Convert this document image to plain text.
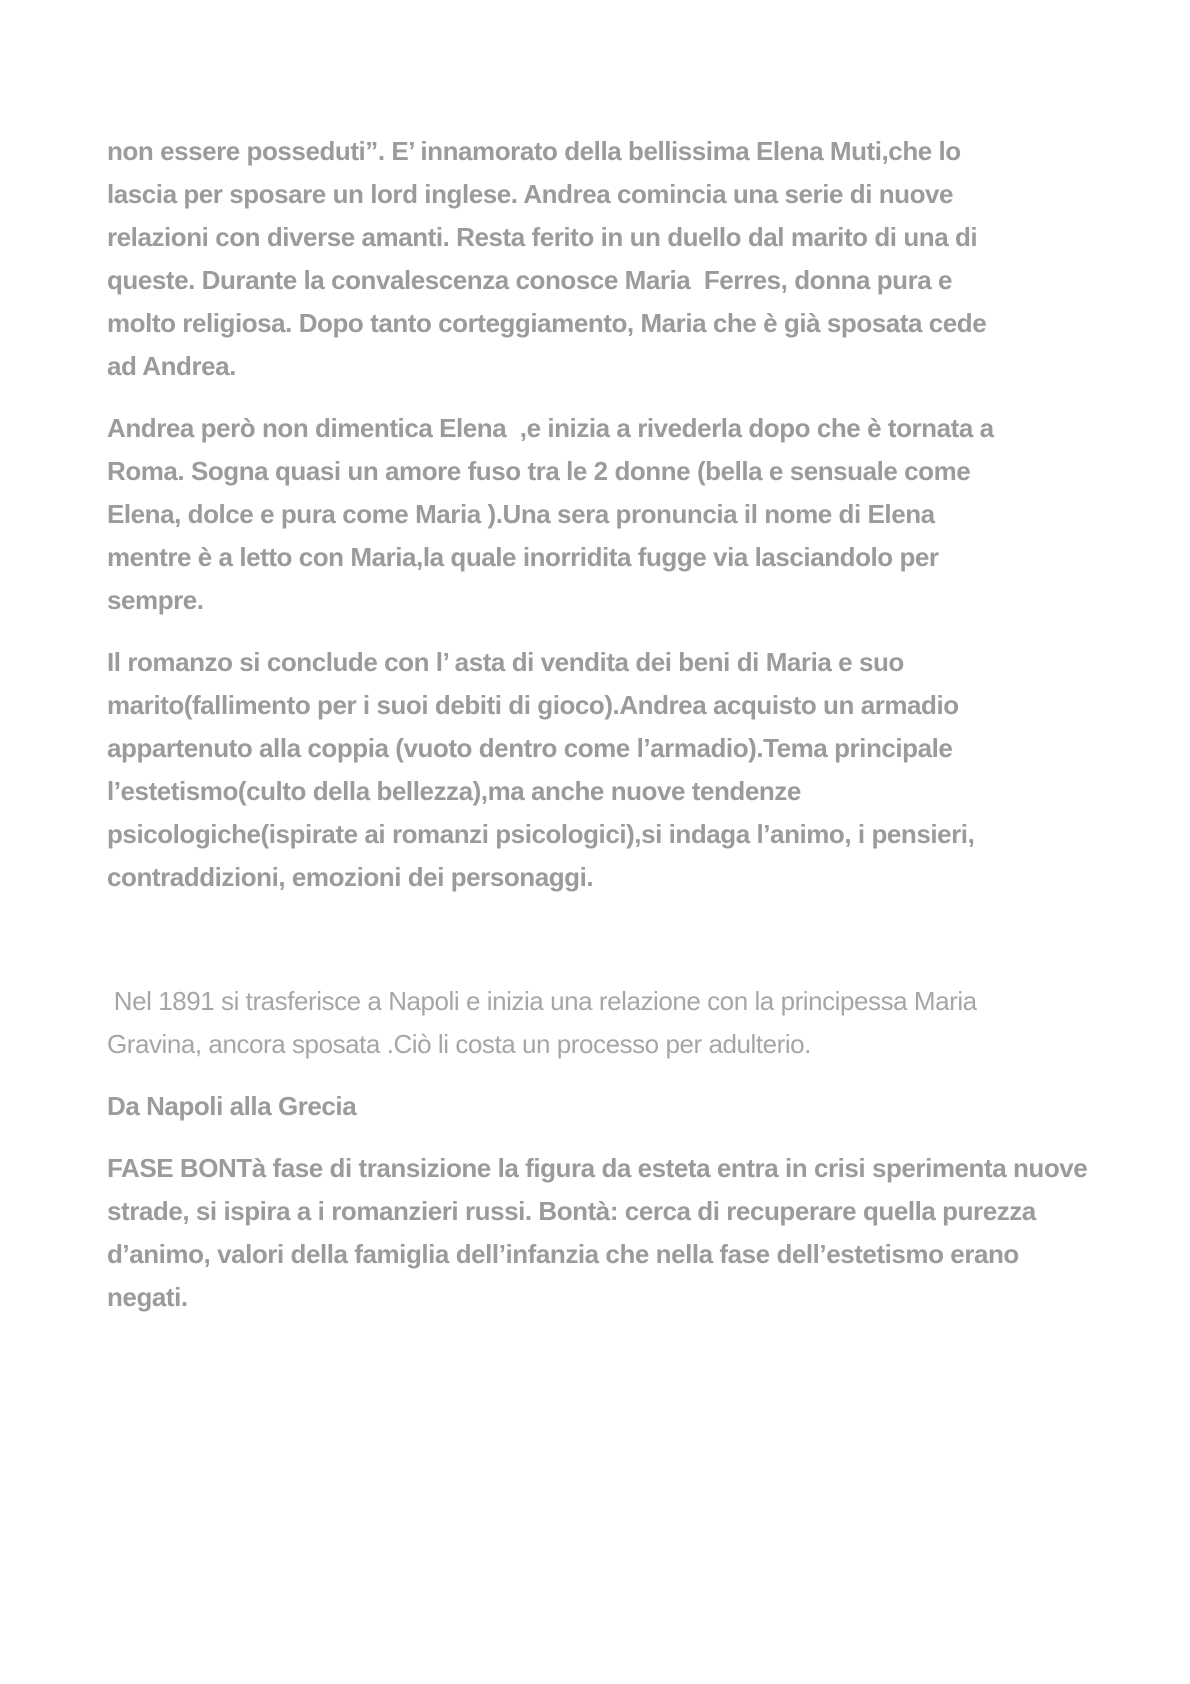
non essere posseduti”. E’ innamorato della bellissima Elena Muti,che lo
lascia per sposare un lord inglese. Andrea comincia una serie di nuove
relazioni con diverse amanti. Resta ferito in un duello dal marito di una di
queste. Durante la convalescenza conosce Maria  Ferres, donna pura e
molto religiosa. Dopo tanto corteggiamento, Maria che è già sposata cede
ad Andrea.
Andrea però non dimentica Elena  ,e inizia a rivederla dopo che è tornata a
Roma. Sogna quasi un amore fuso tra le 2 donne (bella e sensuale come
Elena, dolce e pura come Maria ).Una sera pronuncia il nome di Elena
mentre è a letto con Maria,la quale inorridita fugge via lasciandolo per
sempre.
Il romanzo si conclude con l’ asta di vendita dei beni di Maria e suo
marito(fallimento per i suoi debiti di gioco).Andrea acquisto un armadio
appartenuto alla coppia (vuoto dentro come l’armadio).Tema principale
l’estetismo(culto della bellezza),ma anche nuove tendenze
psicologiche(ispirate ai romanzi psicologici),si indaga l’animo, i pensieri,
contraddizioni, emozioni dei personaggi.
Nel 1891 si trasferisce a Napoli e inizia una relazione con la principessa Maria
Gravina, ancora sposata .Ciò li costa un processo per adulterio.
Da Napoli alla Grecia
FASE BONTà fase di transizione la figura da esteta entra in crisi sperimenta nuove
strade, si ispira a i romanzieri russi. Bontà: cerca di recuperare quella purezza
d’animo, valori della famiglia dell’infanzia che nella fase dell’estetismo erano
negati.
